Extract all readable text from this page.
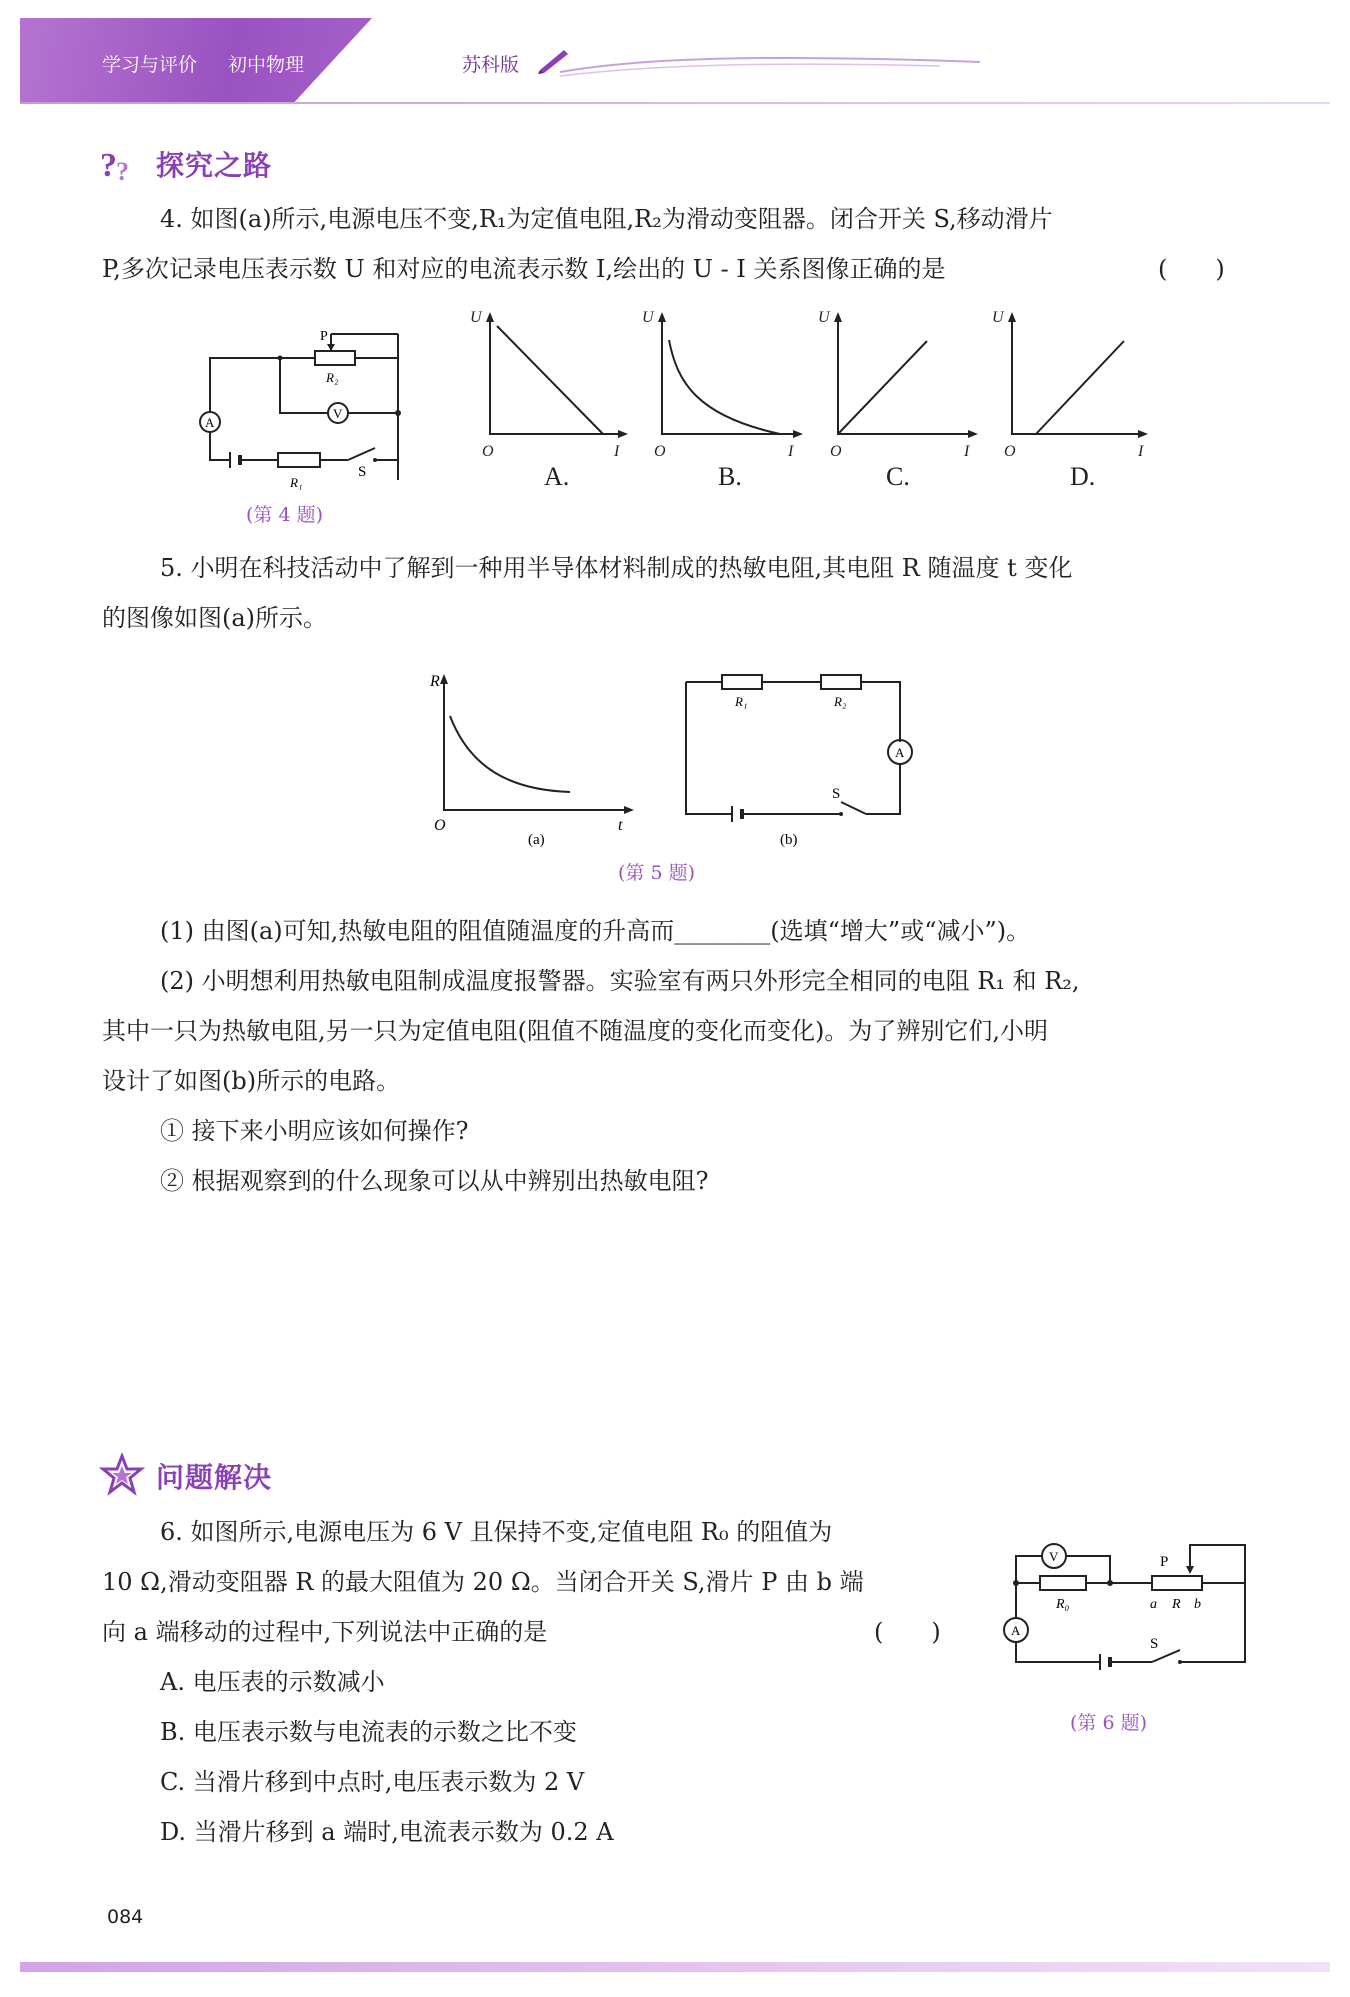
学习与评价 初中物理 九年级上册 苏科版
? ? 探究之路
4. 如图(a)所示,电源电压不变,R₁为定值电阻,R₂为滑动变阻器。闭合开关 S,移动滑片
P,多次记录电压表示数 U 和对应的电流表示数 I,绘出的 U - I 关系图像正确的是	(　　)
A
V
P
R₂
R₁
S
(第 4 题)
U	U	U	U
I	I	I	I
O	O	O	O
A.	B.	C.	D.
5. 小明在科技活动中了解到一种用半导体材料制成的热敏电阻,其电阻 R 随温度 t 变化
的图像如图(a)所示。
R
t
O
(a)
R₁	R₂
A
S
(b)
(第 5 题)
(1) 由图(a)可知,热敏电阻的阻值随温度的升高而________(选填“增大”或“减小”)。
(2) 小明想利用热敏电阻制成温度报警器。实验室有两只外形完全相同的电阻 R₁ 和 R₂,
其中一只为热敏电阻,另一只为定值电阻(阻值不随温度的变化而变化)。为了辨别它们,小明
设计了如图(b)所示的电路。
① 接下来小明应该如何操作?
② 根据观察到的什么现象可以从中辨别出热敏电阻?
问题解决
6. 如图所示,电源电压为 6 V 且保持不变,定值电阻 R₀ 的阻值为
10 Ω,滑动变阻器 R 的最大阻值为 20 Ω。当闭合开关 S,滑片 P 由 b 端
向 a 端移动的过程中,下列说法中正确的是	(　　)
A. 电压表的示数减小
B. 电压表示数与电流表的示数之比不变
C. 当滑片移到中点时,电压表示数为 2 V
D. 当滑片移到 a 端时,电流表示数为 0.2 A
V
A
P
R₀	a R b
S
(第 6 题)
084
